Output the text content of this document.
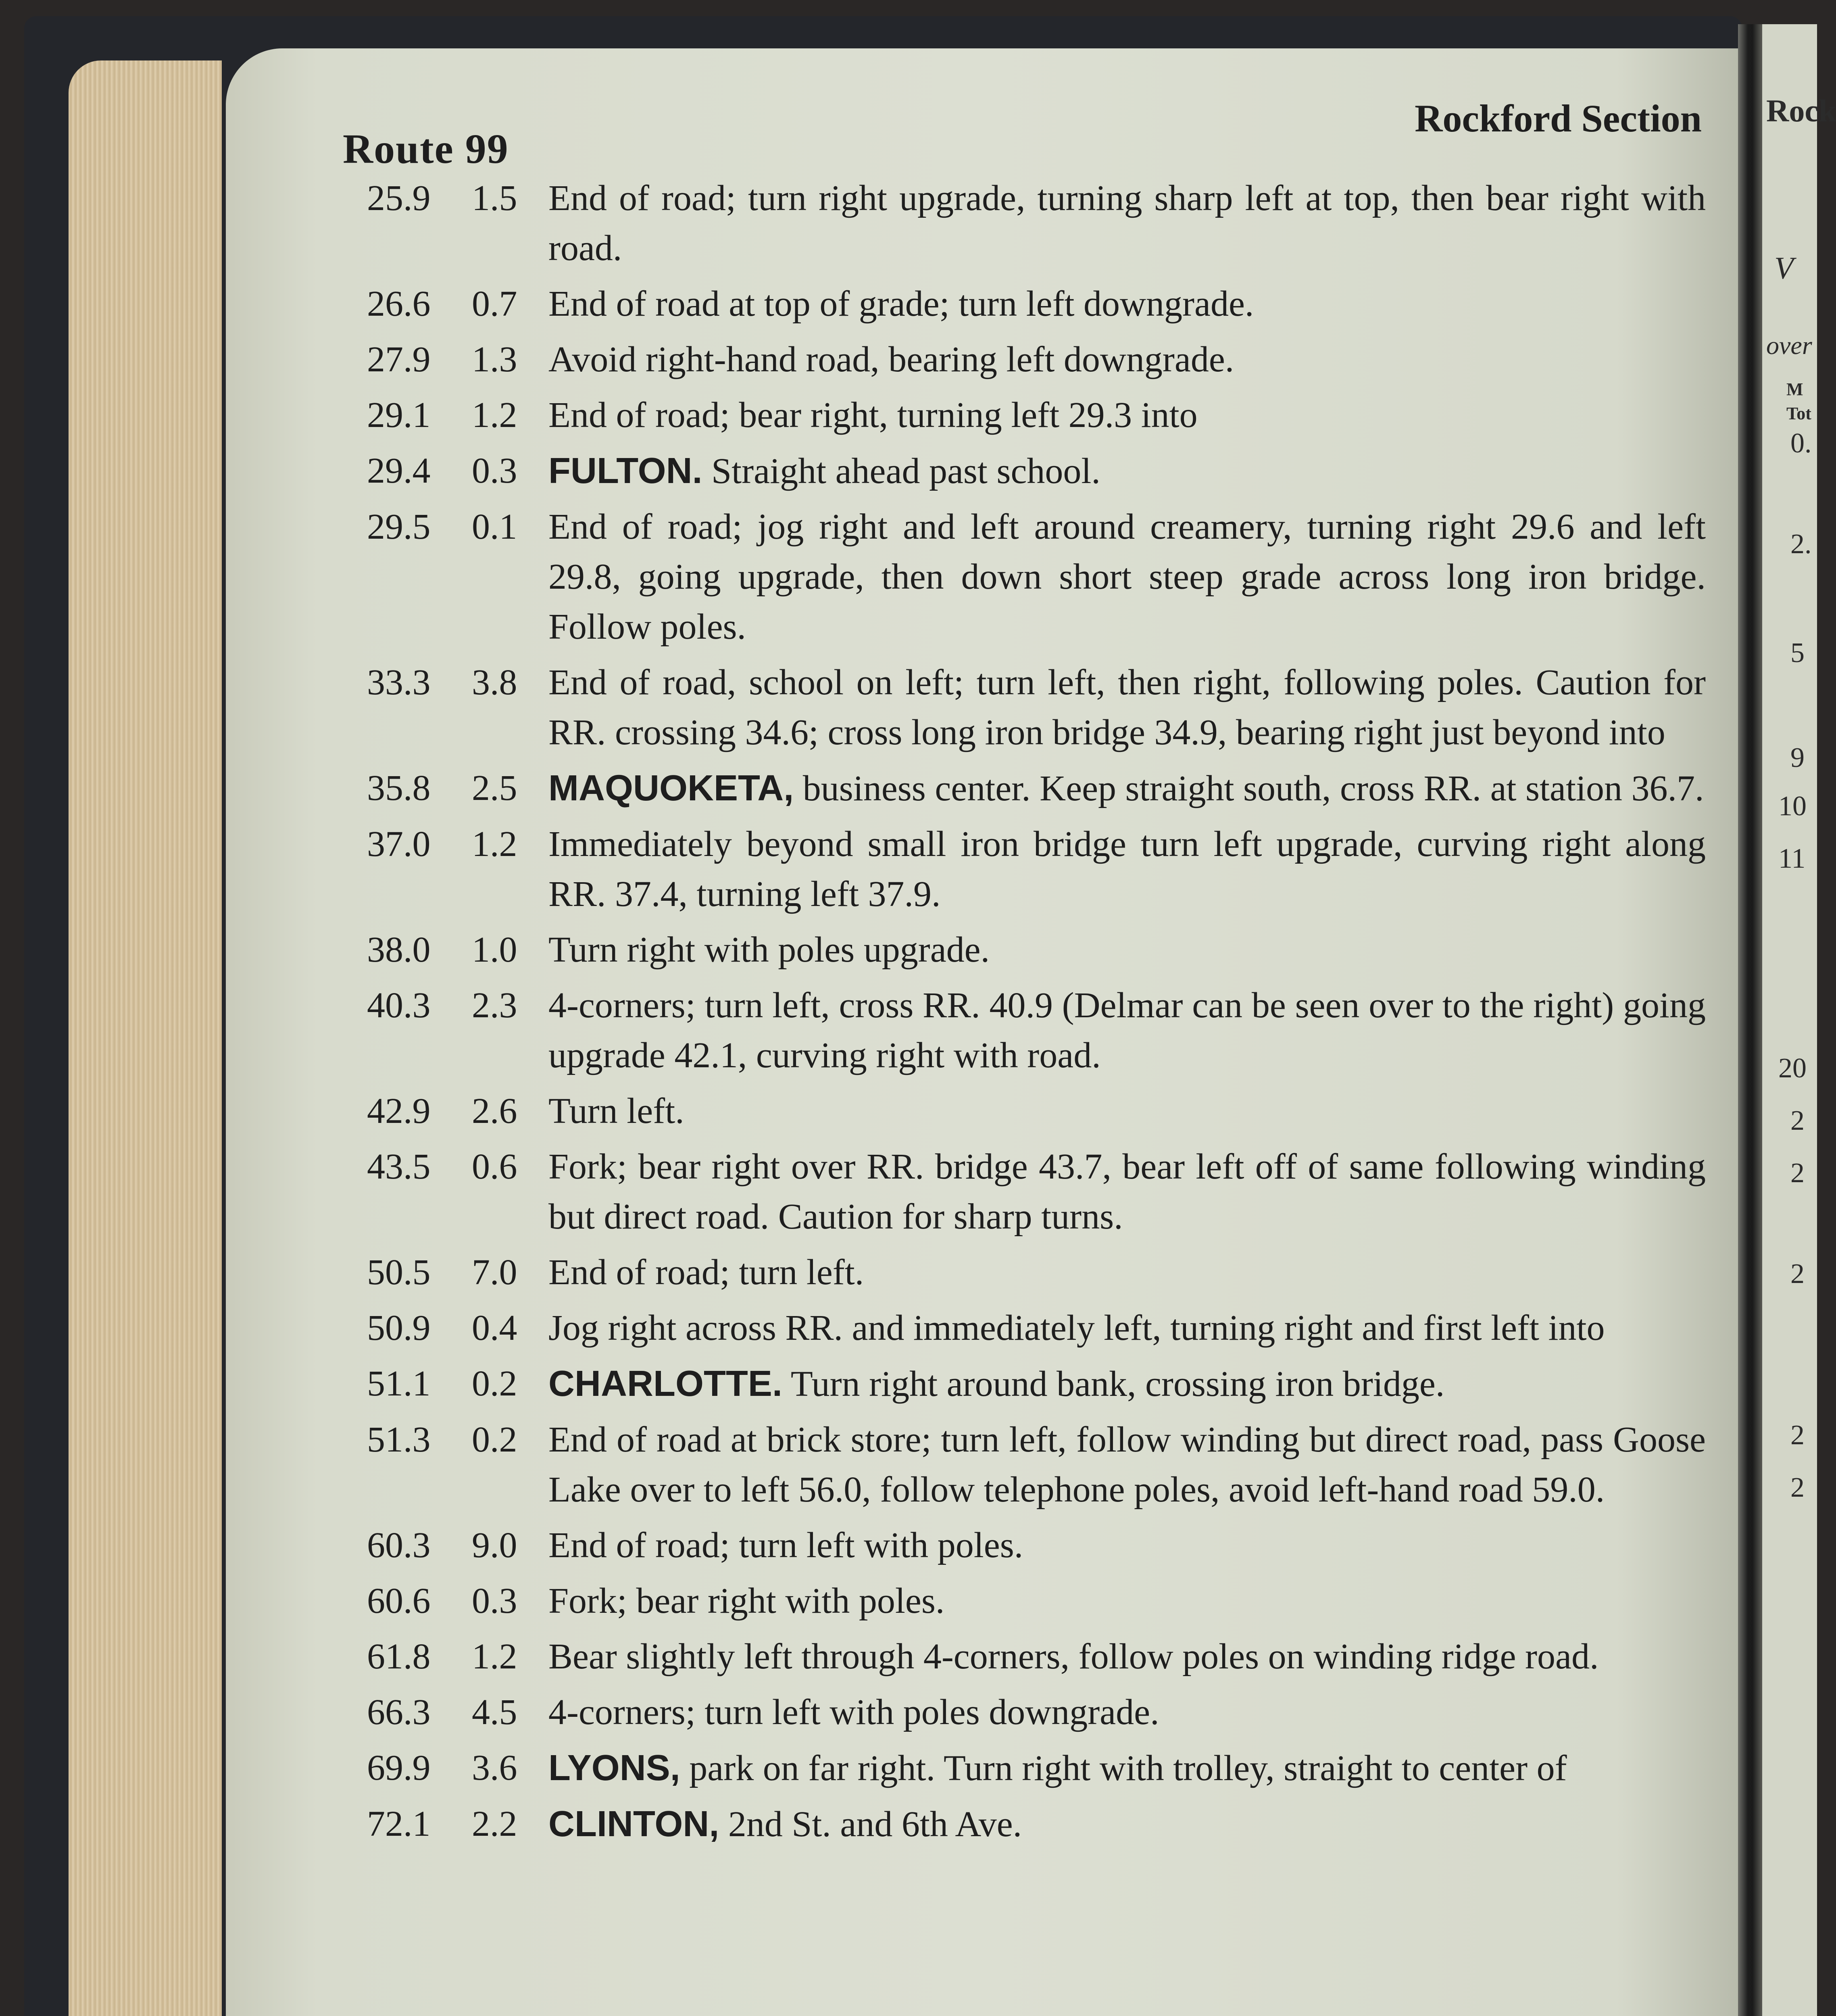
Rock
V
over
M
Tot
0.
2.
5
9
10
11
20
2
2
2
2
2
Route 99
Rockford Section
25.9	1.5 End of road; turn right upgrade, turning sharp left at top, then bear right with road.
26.6	0.7 End of road at top of grade; turn left downgrade.
27.9	1.3 Avoid right-hand road, bearing left downgrade.
29.1	1.2 End of road; bear right, turning left 29.3 into
29.4	0.3 FULTON. Straight ahead past school.
29.5	0.1 End of road; jog right and left around creamery, turning right 29.6 and left 29.8, going upgrade, then down short steep grade across long iron bridge. Follow poles.
33.3	3.8 End of road, school on left; turn left, then right, following poles. Caution for RR. crossing 34.6; cross long iron bridge 34.9, bearing right just beyond into
35.8	2.5 MAQUOKETA, business center. Keep straight south, cross RR. at station 36.7.
37.0	1.2 Immediately beyond small iron bridge turn left upgrade, curving right along RR. 37.4, turning left 37.9.
38.0	1.0 Turn right with poles upgrade.
40.3	2.3 4-corners; turn left, cross RR. 40.9 (Delmar can be seen over to the right) going upgrade 42.1, curving right with road.
42.9	2.6 Turn left.
43.5	0.6 Fork; bear right over RR. bridge 43.7, bear left off of same following winding but direct road. Caution for sharp turns.
50.5	7.0 End of road; turn left.
50.9	0.4 Jog right across RR. and immediately left, turning right and first left into
51.1	0.2 CHARLOTTE. Turn right around bank, crossing iron bridge.
51.3	0.2 End of road at brick store; turn left, follow winding but direct road, pass Goose Lake over to left 56.0, follow telephone poles, avoid left-hand road 59.0.
60.3	9.0 End of road; turn left with poles.
60.6	0.3 Fork; bear right with poles.
61.8	1.2 Bear slightly left through 4-corners, follow poles on winding ridge road.
66.3	4.5 4-corners; turn left with poles downgrade.
69.9	3.6 LYONS, park on far right. Turn right with trolley, straight to center of
72.1	2.2 CLINTON, 2nd St. and 6th Ave.
